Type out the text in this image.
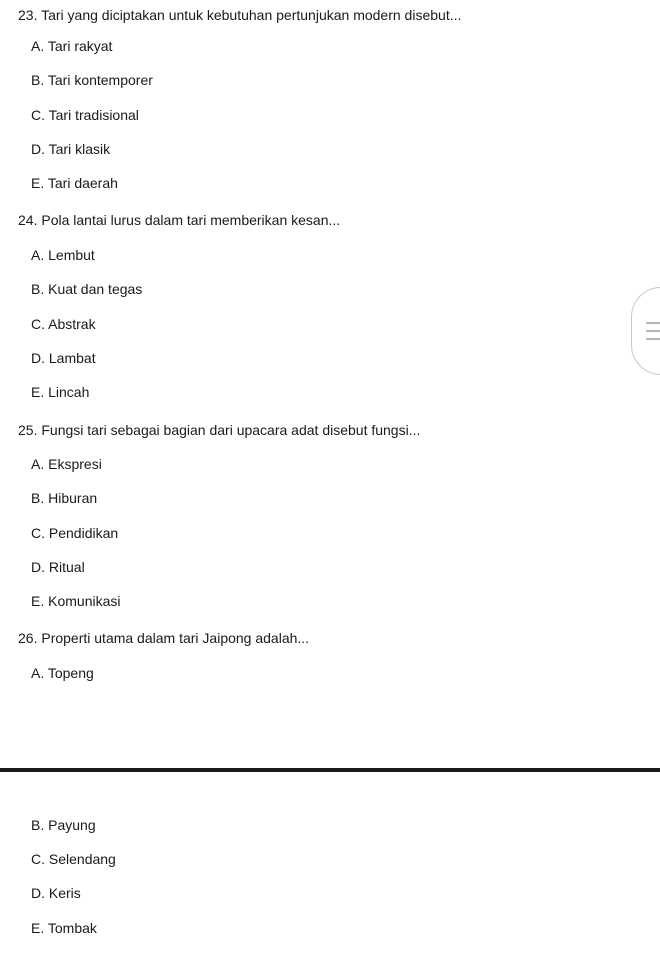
23. Tari yang diciptakan untuk kebutuhan pertunjukan modern disebut...
A. Tari rakyat
B. Tari kontemporer
C. Tari tradisional
D. Tari klasik
E. Tari daerah
24. Pola lantai lurus dalam tari memberikan kesan...
A. Lembut
B. Kuat dan tegas
C. Abstrak
D. Lambat
E. Lincah
25. Fungsi tari sebagai bagian dari upacara adat disebut fungsi...
A. Ekspresi
B. Hiburan
C. Pendidikan
D. Ritual
E. Komunikasi
26. Properti utama dalam tari Jaipong adalah...
A. Topeng
B. Payung
C. Selendang
D. Keris
E. Tombak
